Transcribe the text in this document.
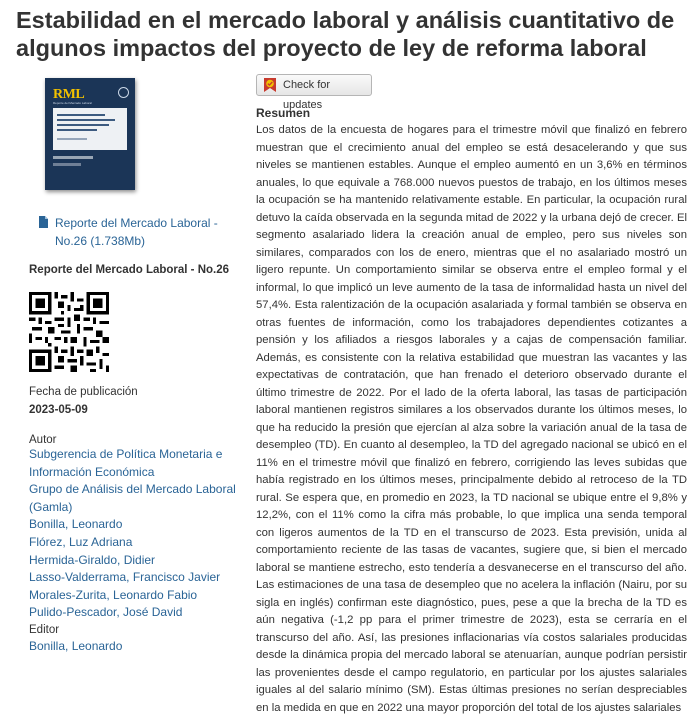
Estabilidad en el mercado laboral y análisis cuantitativo de algunos impactos del proyecto de ley de reforma laboral
RML
Reporte del Mercado Laboral
Reporte del Mercado Laboral - No.26 (1.738Mb)
Reporte del Mercado Laboral - No.26
Fecha de publicación
2023-05-09
Autor
Subgerencia de Política Monetaria e Información Económica
Grupo de Análisis del Mercado Laboral (Gamla)
Bonilla, Leonardo
Flórez, Luz Adriana
Hermida-Giraldo, Didier
Lasso-Valderrama, Francisco Javier
Morales-Zurita, Leonardo Fabio
Pulido-Pescador, José David
Editor
Bonilla, Leonardo
Check for updates
Resumen

Los datos de la encuesta de hogares para el trimestre móvil que finalizó en febrero muestran que el crecimiento anual del empleo se está desacelerando y que sus niveles se mantienen estables. Aunque el empleo aumentó en un 3,6% en términos anuales, lo que equivale a 768.000 nuevos puestos de trabajo, en los últimos meses la ocupación se ha mantenido relativamente estable. En particular, la ocupación rural detuvo la caída observada en la segunda mitad de 2022 y la urbana dejó de crecer. El segmento asalariado lidera la creación anual de empleo, pero sus niveles son similares, comparados con los de enero, mientras que el no asalariado mostró un ligero repunte. Un comportamiento similar se observa entre el empleo formal y el informal, lo que implicó un leve aumento de la tasa de informalidad hasta un nivel del 57,4%. Esta ralentización de la ocupación asalariada y formal también se observa en otras fuentes de información, como los trabajadores dependientes cotizantes a pensión y los afiliados a riesgos laborales y a cajas de compensación familiar. Además, es consistente con la relativa estabilidad que muestran las vacantes y las expectativas de contratación, que han frenado el deterioro observado durante el último trimestre de 2022. Por el lado de la oferta laboral, las tasas de participación laboral mantienen registros similares a los observados durante los últimos meses, lo que ha reducido la presión que ejercían al alza sobre la variación anual de la tasa de desempleo (TD). En cuanto al desempleo, la TD del agregado nacional se ubicó en el 11% en el trimestre móvil que finalizó en febrero, corrigiendo las leves subidas que había registrado en los últimos meses, principalmente debido al retroceso de la TD rural. Se espera que, en promedio en 2023, la TD nacional se ubique entre el 9,8% y 12,2%, con el 11% como la cifra más probable, lo que implica una senda temporal con ligeros aumentos de la TD en el transcurso de 2023. Esta previsión, unida al comportamiento reciente de las tasas de vacantes, sugiere que, si bien el mercado laboral se mantiene estrecho, esto tendería a desvanecerse en el transcurso del año. Las estimaciones de una tasa de desempleo que no acelera la inflación (Nairu, por su sigla en inglés) confirman este diagnóstico, pues, pese a que la brecha de la TD es aún negativa (-1,2 pp para el primer trimestre de 2023), esta se cerraría en el transcurso del año. Así, las presiones inflacionarias vía costos salariales producidas desde la dinámica propia del mercado laboral se atenuarían, aunque podrían persistir las provenientes desde el campo regulatorio, en particular por los ajustes salariales iguales al del salario mínimo (SM). Estas últimas presiones no serían despreciables en la medida en que en 2022 una mayor proporción del total de los ajustes salariales
